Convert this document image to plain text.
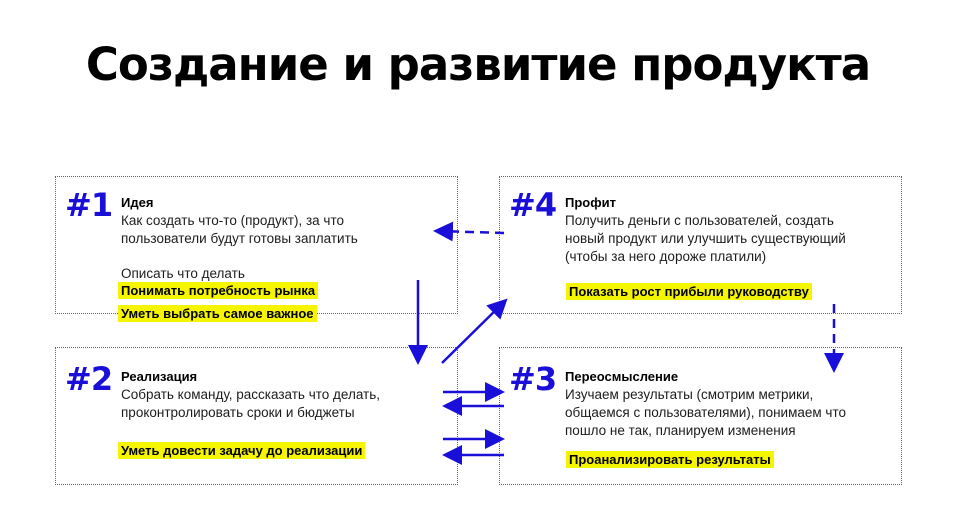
Создание и развитие продукта
#1 Идея
Как создать что-то (продукт), за что
пользователи будут готовы заплатить
Описать что делать
Понимать потребность рынка
Уметь выбрать самое важное
#2 Реализация
Собрать команду, рассказать что делать,
проконтролировать сроки и бюджеты
Уметь довести задачу до реализации
#3 Переосмысление
Изучаем результаты (смотрим метрики,
общаемся с пользователями), понимаем что
пошло не так, планируем изменения
Проанализировать результаты
#4 Профит
Получить деньги с пользователей, создать
новый продукт или улучшить существующий
(чтобы за него дороже платили)
Показать рост прибыли руководству
